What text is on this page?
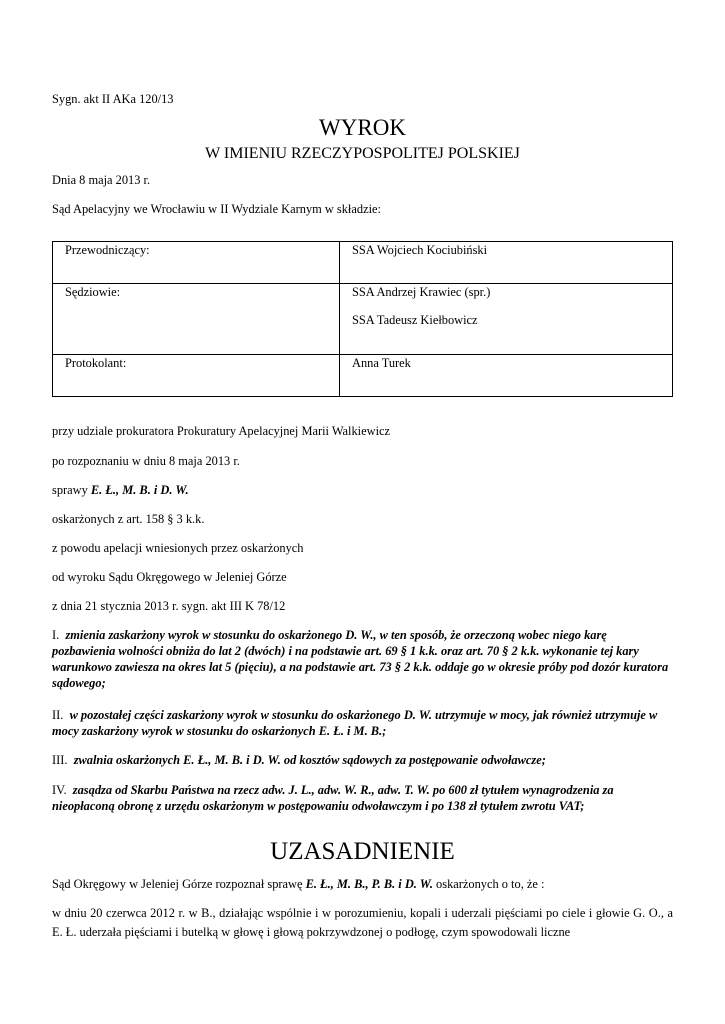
Sygn. akt II AKa 120/13

WYROK

W IMIENIU RZECZYPOSPOLITEJ POLSKIEJ

Dnia 8 maja 2013 r.

Sąd Apelacyjny we Wrocławiu w II Wydziale Karnym w składzie:

Przewodniczący:	SSA Wojciech Kociubiński
Sędziowie:	SSA Andrzej Krawiec (spr.)
SSA Tadeusz Kiełbowicz

Protokolant:	Anna Turek

przy udziale prokuratora Prokuratury Apelacyjnej Marii Walkiewicz

po rozpoznaniu w dniu 8 maja 2013 r.

sprawy E. Ł., M. B. i D. W.

oskarżonych z art. 158 § 3 k.k.

z powodu apelacji wniesionych przez oskarżonych

od wyroku Sądu Okręgowego w Jeleniej Górze

z dnia 21 stycznia 2013 r. sygn. akt III K 78/12

I. zmienia zaskarżony wyrok w stosunku do oskarżonego D. W., w ten sposób, że orzeczoną wobec niego karę pozbawienia wolności obniża do lat 2 (dwóch) i na podstawie art. 69 § 1 k.k. oraz art. 70 § 2 k.k. wykonanie tej kary warunkowo zawiesza na okres lat 5 (pięciu), a na podstawie art. 73 § 2 k.k. oddaje go w okresie próby pod dozór kuratora sądowego;

II. w pozostałej części zaskarżony wyrok w stosunku do oskarżonego D. W. utrzymuje w mocy, jak również utrzymuje w mocy zaskarżony wyrok w stosunku do oskarżonych E. Ł. i M. B.;

III. zwalnia oskarżonych E. Ł., M. B. i D. W. od kosztów sądowych za postępowanie odwoławcze;

IV. zasądza od Skarbu Państwa na rzecz adw. J. L., adw. W. R., adw. T. W. po 600 zł tytułem wynagrodzenia za nieopłaconą obronę z urzędu oskarżonym w postępowaniu odwoławczym i po 138 zł tytułem zwrotu VAT;

UZASADNIENIE

Sąd Okręgowy w Jeleniej Górze rozpoznał sprawę E. Ł., M. B., P. B. i D. W. oskarżonych o to, że :

w dniu 20 czerwca 2012 r. w B., działając wspólnie i w porozumieniu, kopali i uderzali pięściami po ciele i głowie G. O., a E. Ł. uderzała pięściami i butelką w głowę i głową pokrzywdzonej o podłogę, czym spowodowali liczne
